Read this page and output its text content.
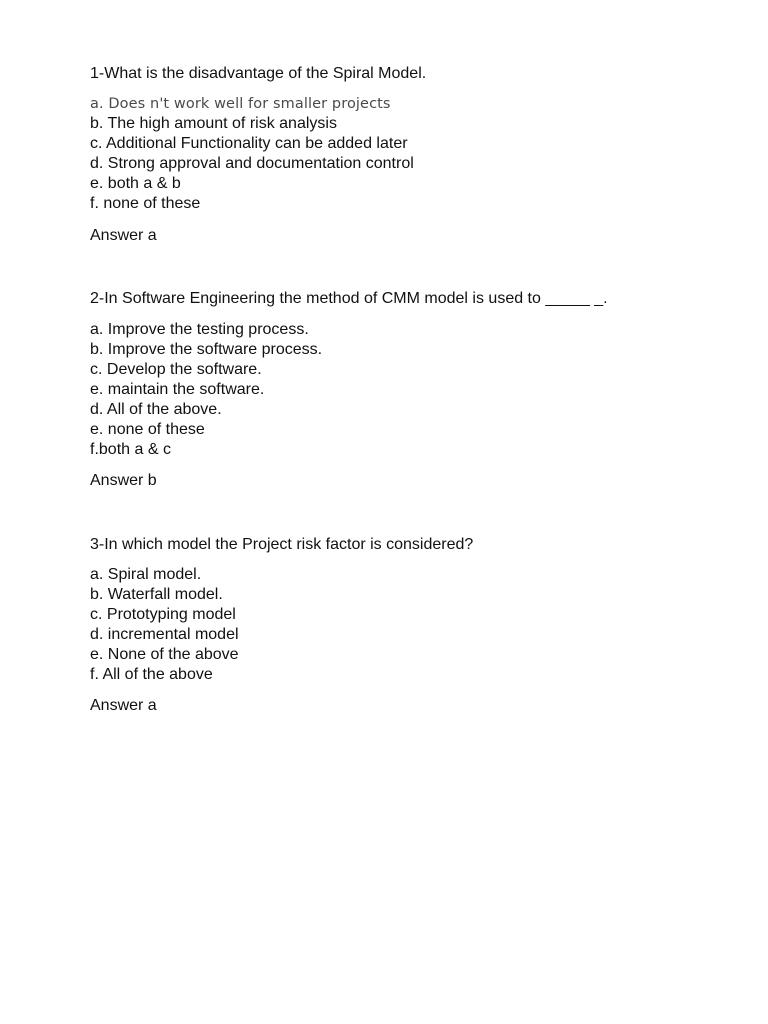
1-What is the disadvantage of the Spiral Model.

a. Does n't work well for smaller projects
b. The high amount of risk analysis
c. Additional Functionality can be added later
d. Strong approval and documentation control
e. both a & b
f. none of these

Answer a

2-In Software Engineering the method of CMM model is used to _____ _.

a. Improve the testing process.
b. Improve the software process.
c. Develop the software.
e. maintain the software.
d. All of the above.
e. none of these
f.both a & c

Answer b

3-In which model the Project risk factor is considered?

a. Spiral model.
b. Waterfall model.
c. Prototyping model
d. incremental model
e. None of the above
f. All of the above

Answer a
